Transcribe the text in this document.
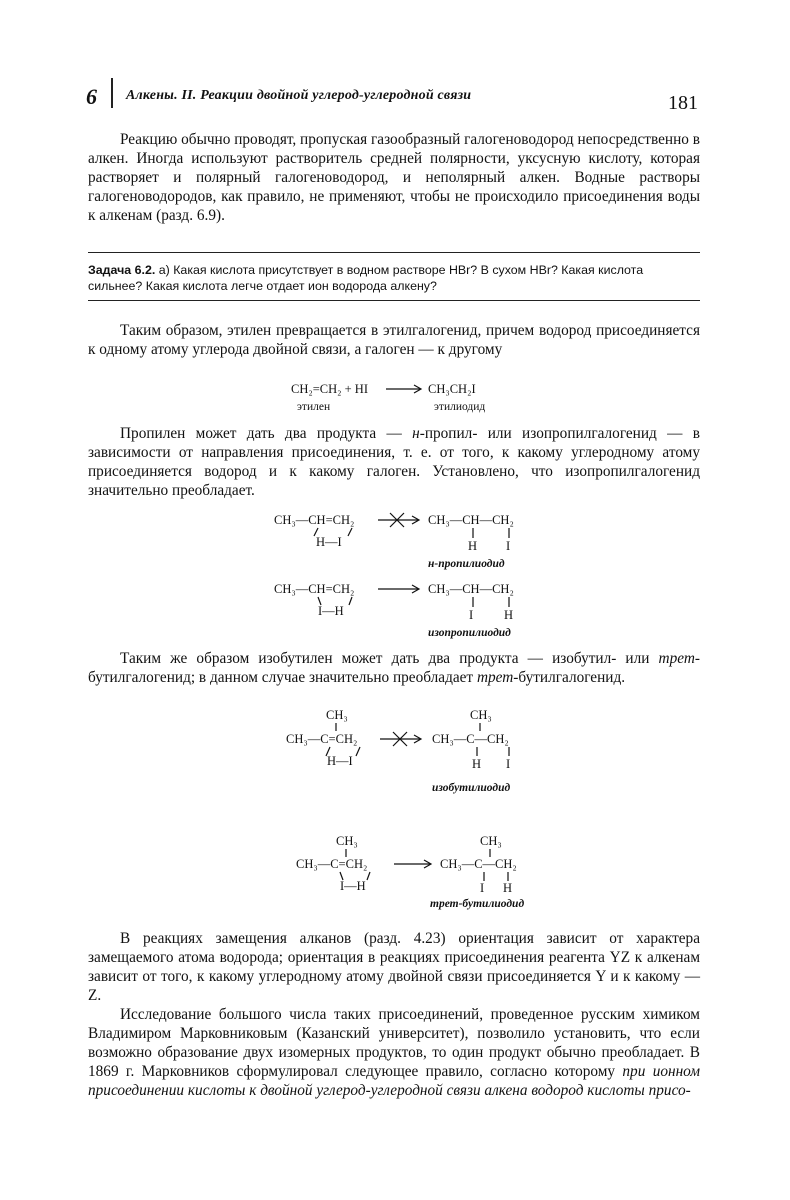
6 Алкены. II. Реакции двойной углерод-углеродной связи	181

Реакцию обычно проводят, пропуская газообразный галогеноводород непосредственно в алкен. Иногда используют растворитель средней полярности, уксусную кислоту, которая растворяет и полярный галогеноводород, и неполярный алкен. Водные растворы галогеноводородов, как правило, не применяют, чтобы не происходило присоединения воды к алкенам (разд. 6.9).

Задача 6.2. а) Какая кислота присутствует в водном растворе HBr? В сухом HBr? Какая кислота сильнее? Какая кислота легче отдает ион водорода алкену?

Таким образом, этилен превращается в этилгалогенид, причем водород присоединяется к одному атому углерода двойной связи, а галоген — к другому

CH₂=CH₂ + HI	CH₃CH₂I
этилен	этилиодид

Пропилен может дать два продукта — н-пропил- или изопропилгалогенид — в зависимости от направления присоединения, т. е. от того, к какому углеродному атому присоединяется водород и к какому галоген. Установлено, что изопропилгалогенид значительно преобладает.

CH₃—CH=CH₂
H—I
CH₃—CH—CH₂
H I
н-пропилиодид
CH₃—CH=CH₂
I—H
CH₃—CH—CH₂
I H
изопропилиодид

Таким же образом изобутилен может дать два продукта — изобутил- или трет-бутилгалогенид; в данном случае значительно преобладает трет-бутилгалогенид.

CH₃
CH₃—C=CH₂
H—I
CH₃
CH₃—C—CH₂
H I
изобутилиодид
CH₃
CH₃—C=CH₂
I—H
CH₃
CH₃—C—CH₂
I H
трет-бутилиодид

В реакциях замещения алканов (разд. 4.23) ориентация зависит от характера замещаемого атома водорода; ориентация в реакциях присоединения реагента YZ к алкенам зависит от того, к какому углеродному атому двойной связи присоединяется Y и к какому — Z.

Исследование большого числа таких присоединений, проведенное русским химиком Владимиром Марковниковым (Казанский университет), позволило установить, что если возможно образование двух изомерных продуктов, то один продукт обычно преобладает. В 1869 г. Марковников сформулировал следующее правило, согласно которому при ионном присоединении кислоты к двойной углерод-углеродной связи алкена водород кислоты присо-
